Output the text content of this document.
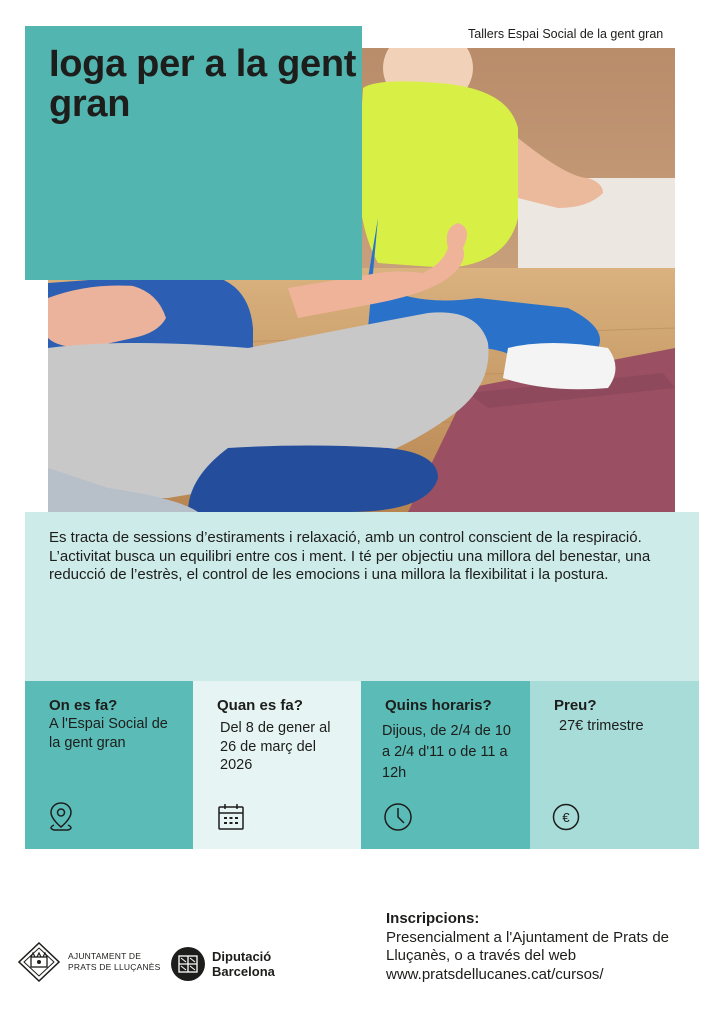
Tallers Espai Social de la gent gran
Ioga per a la gent gran

Es tracta de sessions d’estiraments i relaxació, amb un control conscient de la respiració. L’activitat busca un equilibri entre cos i ment. I té per objectiu una millora del benestar, una reducció de l’estrès, el control de les emocions i una millora la flexibilitat i la postura.

On es fa?
A l'Espai Social de la gent gran
Quan es fa?
Del 8 de gener al 26 de març del 2026
Quins horaris?
Dijous, de 2/4 de 10 a 2/4 d'11 o de 11 a 12h
Preu?
27€ trimestre
€
Inscripcions:
Presencialment a l'Ajuntament de Prats de Lluçanès, o a través del web www.pratsdellucanes.cat/cursos/
AJUNTAMENT DE
PRATS DE LLUÇANÈS
Diputació
Barcelona
